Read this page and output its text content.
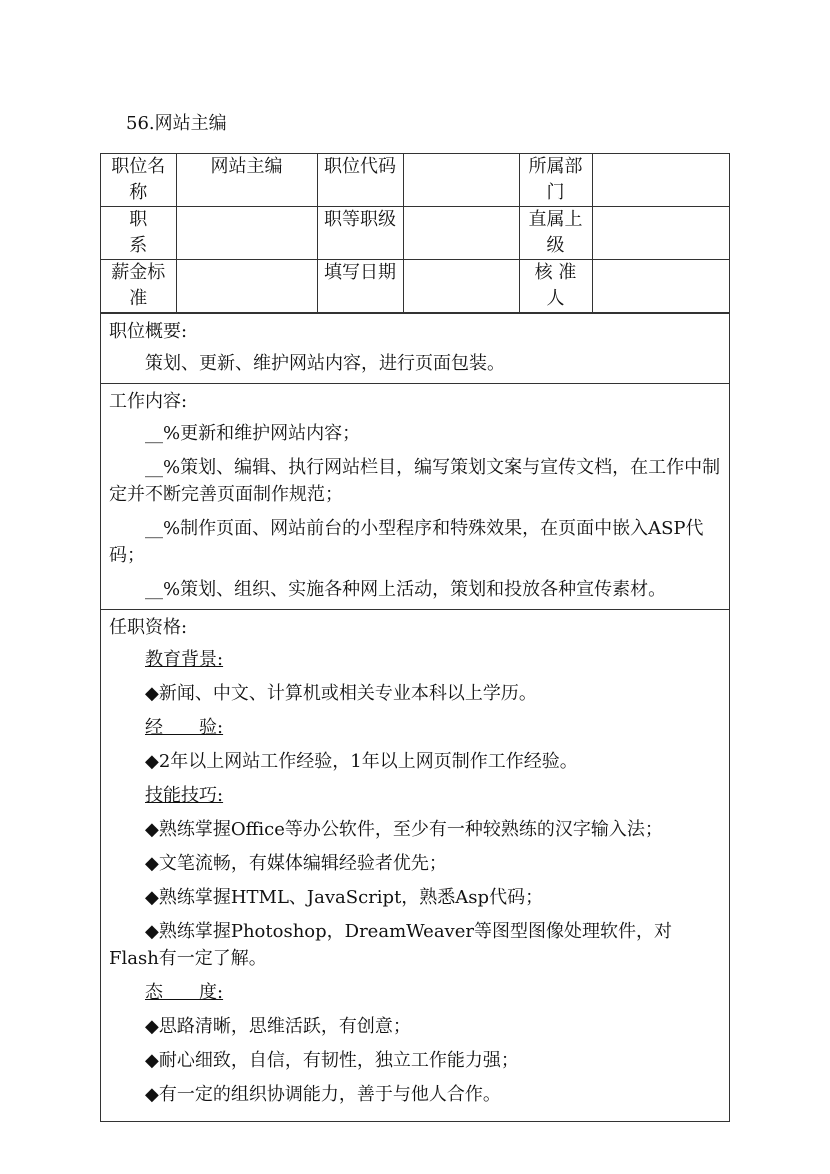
56.网站主编
职位名称	网站主编	职位代码		所属部门	
职 系		职等职级		直属上级	
薪金标准		填写日期		核 准 人	
职位概要:

策划、更新、维护网站内容，进行页面包装。

工作内容:

__%更新和维护网站内容；

__%策划、编辑、执行网站栏目，编写策划文案与宣传文档，在工作中制定并不断完善页面制作规范；

__%制作页面、网站前台的小型程序和特殊效果，在页面中嵌入ASP代码；

__%策划、组织、实施各种网上活动，策划和投放各种宣传素材。

任职资格:
教育背景:
◆新闻、中文、计算机或相关专业本科以上学历。
经　　验:
◆2年以上网站工作经验，1年以上网页制作工作经验。
技能技巧:
◆熟练掌握Office等办公软件，至少有一种较熟练的汉字输入法；
◆文笔流畅，有媒体编辑经验者优先；
◆熟练掌握HTML、JavaScript，熟悉Asp代码；
◆熟练掌握Photoshop，DreamWeaver等图型图像处理软件，对Flash有一定了解。
态　　度:
◆思路清晰，思维活跃，有创意；
◆耐心细致，自信，有韧性，独立工作能力强；
◆有一定的组织协调能力，善于与他人合作。
